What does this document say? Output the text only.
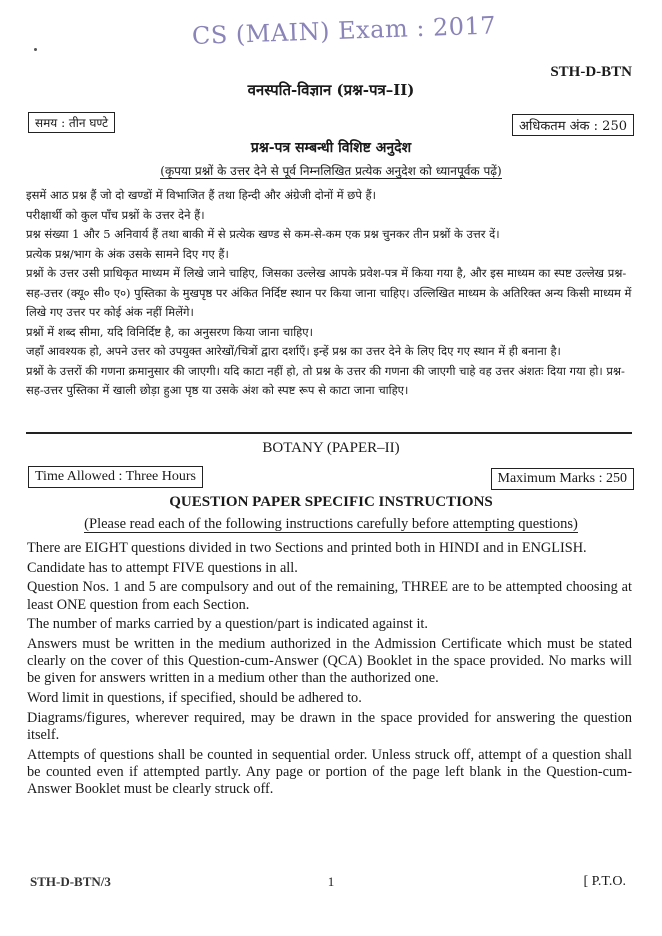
CS (MAIN) Exam : 2017
STH-D-BTN
वनस्पति-विज्ञान (प्रश्न-पत्र–II)
समय : तीन घण्टे	अधिकतम अंक : 250
प्रश्न-पत्र सम्बन्धी विशिष्ट अनुदेश
(कृपया प्रश्नों के उत्तर देने से पूर्व निम्नलिखित प्रत्येक अनुदेश को ध्यानपूर्वक पढ़ें)

इसमें आठ प्रश्न हैं जो दो खण्डों में विभाजित हैं तथा हिन्दी और अंग्रेजी दोनों में छपे हैं।

परीक्षार्थी को कुल पाँच प्रश्नों के उत्तर देने हैं।

प्रश्न संख्या 1 और 5 अनिवार्य हैं तथा बाकी में से प्रत्येक खण्ड से कम-से-कम एक प्रश्न चुनकर तीन प्रश्नों के उत्तर दें।

प्रत्येक प्रश्न/भाग के अंक उसके सामने दिए गए हैं।

प्रश्नों के उत्तर उसी प्राधिकृत माध्यम में लिखे जाने चाहिए, जिसका उल्लेख आपके प्रवेश-पत्र में किया गया है, और इस माध्यम का स्पष्ट उल्लेख प्रश्न-सह-उत्तर (क्यू० सी० ए०) पुस्तिका के मुखपृष्ठ पर अंकित निर्दिष्ट स्थान पर किया जाना चाहिए। उल्लिखित माध्यम के अतिरिक्त अन्य किसी माध्यम में लिखे गए उत्तर पर कोई अंक नहीं मिलेंगे।

प्रश्नों में शब्द सीमा, यदि विनिर्दिष्ट है, का अनुसरण किया जाना चाहिए।

जहाँ आवश्यक हो, अपने उत्तर को उपयुक्त आरेखों/चित्रों द्वारा दर्शाएँ। इन्हें प्रश्न का उत्तर देने के लिए दिए गए स्थान में ही बनाना है।

प्रश्नों के उत्तरों की गणना क्रमानुसार की जाएगी। यदि काटा नहीं हो, तो प्रश्न के उत्तर की गणना की जाएगी चाहे वह उत्तर अंशतः दिया गया हो। प्रश्न-सह-उत्तर पुस्तिका में खाली छोड़ा हुआ पृष्ठ या उसके अंश को स्पष्ट रूप से काटा जाना चाहिए।

BOTANY (PAPER–II)
Time Allowed : Three Hours	Maximum Marks : 250
QUESTION PAPER SPECIFIC INSTRUCTIONS
(Please read each of the following instructions carefully before attempting questions)

There are EIGHT questions divided in two Sections and printed both in HINDI and in ENGLISH.

Candidate has to attempt FIVE questions in all.

Question Nos. 1 and 5 are compulsory and out of the remaining, THREE are to be attempted choosing at least ONE question from each Section.

The number of marks carried by a question/part is indicated against it.

Answers must be written in the medium authorized in the Admission Certificate which must be stated clearly on the cover of this Question-cum-Answer (QCA) Booklet in the space provided. No marks will be given for answers written in a medium other than the authorized one.

Word limit in questions, if specified, should be adhered to.

Diagrams/figures, wherever required, may be drawn in the space provided for answering the question itself.

Attempts of questions shall be counted in sequential order. Unless struck off, attempt of a question shall be counted even if attempted partly. Any page or portion of the page left blank in the Question-cum-Answer Booklet must be clearly struck off.

STH-D-BTN/3	1	[ P.T.O.
